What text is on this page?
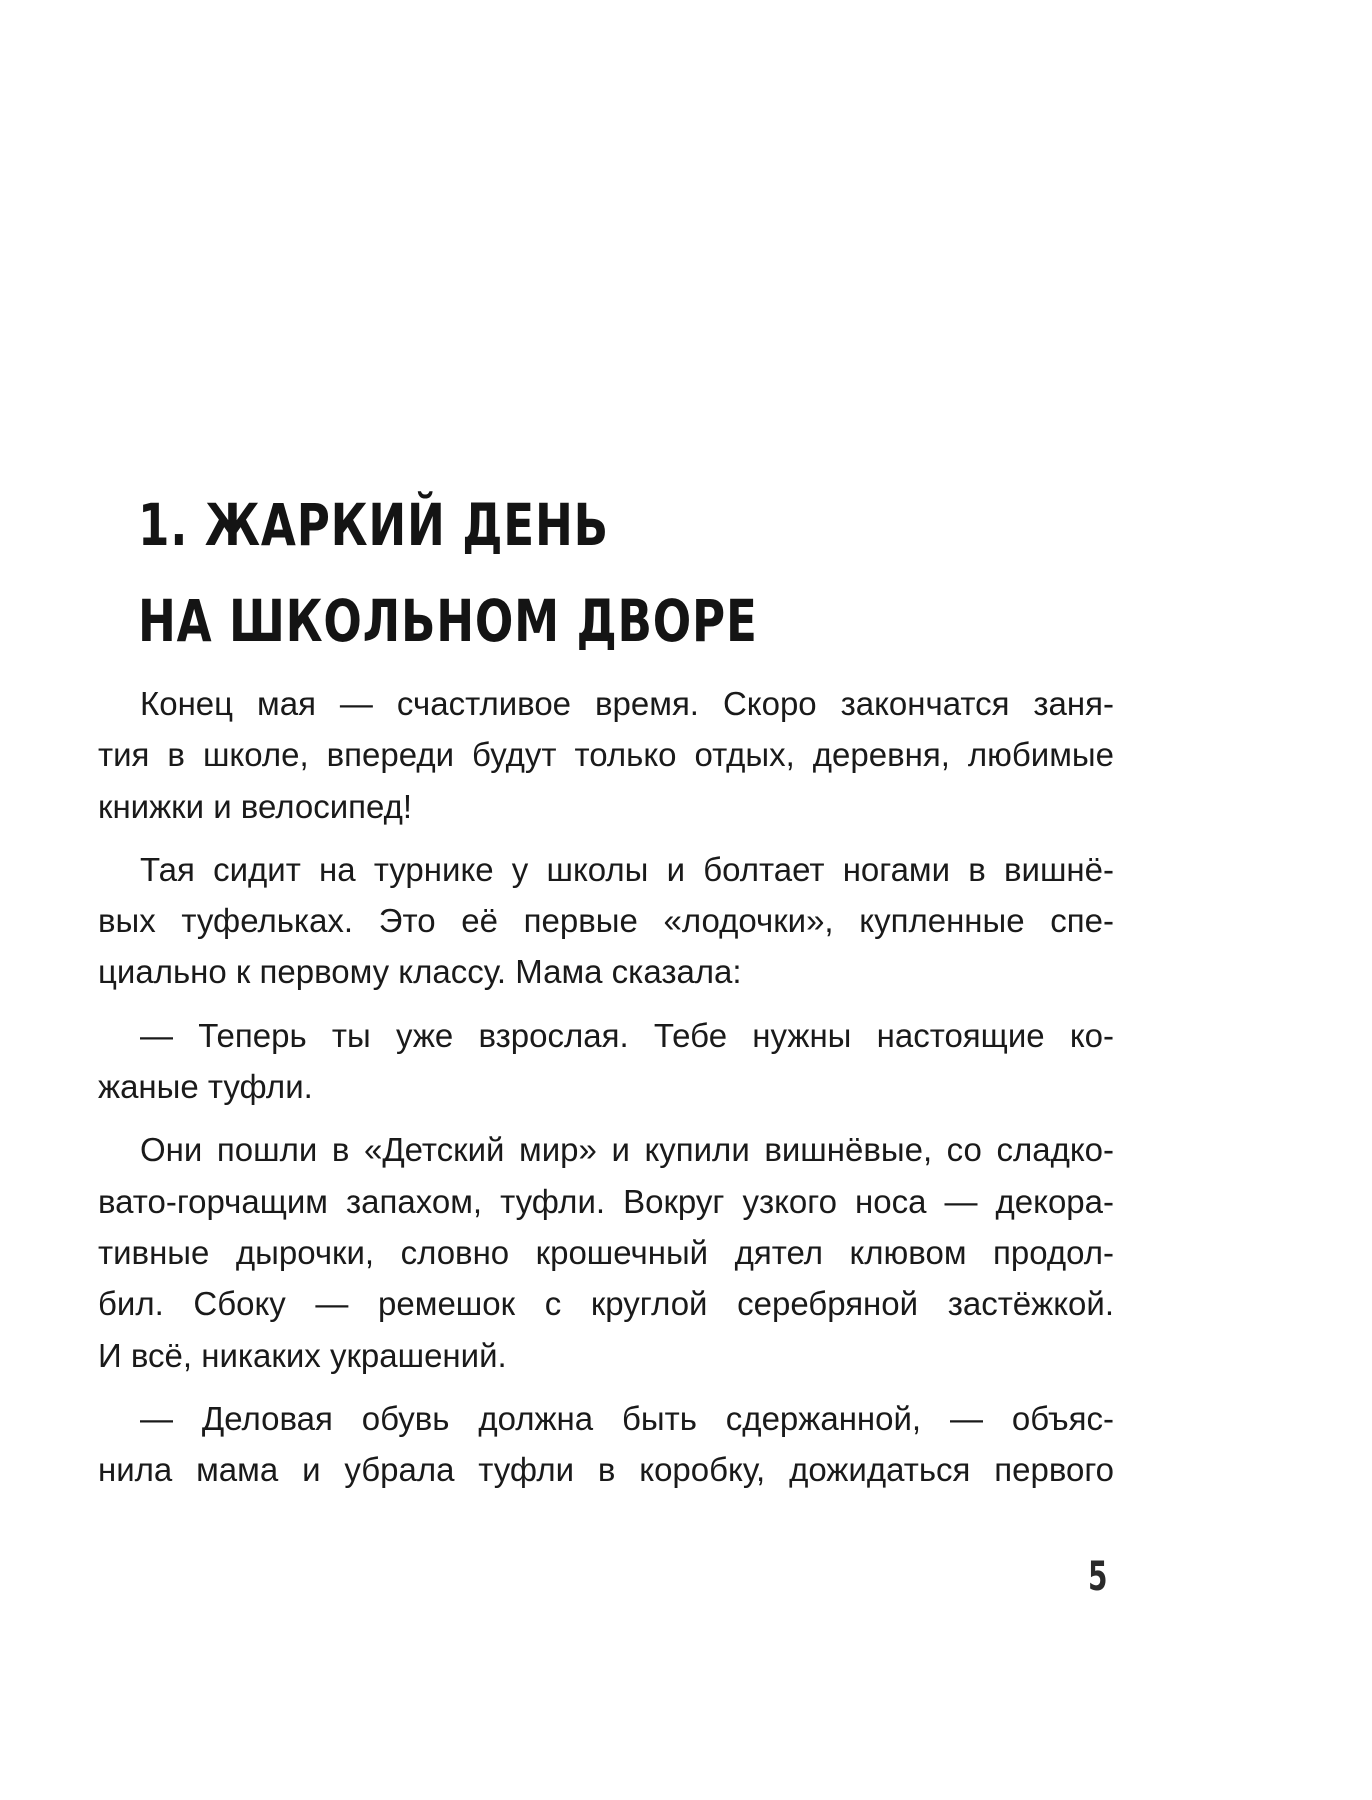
1. ЖАРКИЙ ДЕНЬ
НА ШКОЛЬНОМ ДВОРЕ

Конец мая — счастливое время. Скоро закончатся заня-
тия в школе, впереди будут только отдых, деревня, любимые
книжки и велосипед!

Тая сидит на турнике у школы и болтает ногами в вишнё-
вых туфельках. Это её первые «лодочки», купленные спе-
циально к первому классу. Мама сказала:

— Теперь ты уже взрослая. Тебе нужны настоящие ко-
жаные туфли.

Они пошли в «Детский мир» и купили вишнёвые, со сладко-
вато-горчащим запахом, туфли. Вокруг узкого носа — декора-
тивные дырочки, словно крошечный дятел клювом продол-
бил. Сбоку — ремешок с круглой серебряной застёжкой.
И всё, никаких украшений.

— Деловая обувь должна быть сдержанной, — объяс-
нила мама и убрала туфли в коробку, дожидаться первого

5
